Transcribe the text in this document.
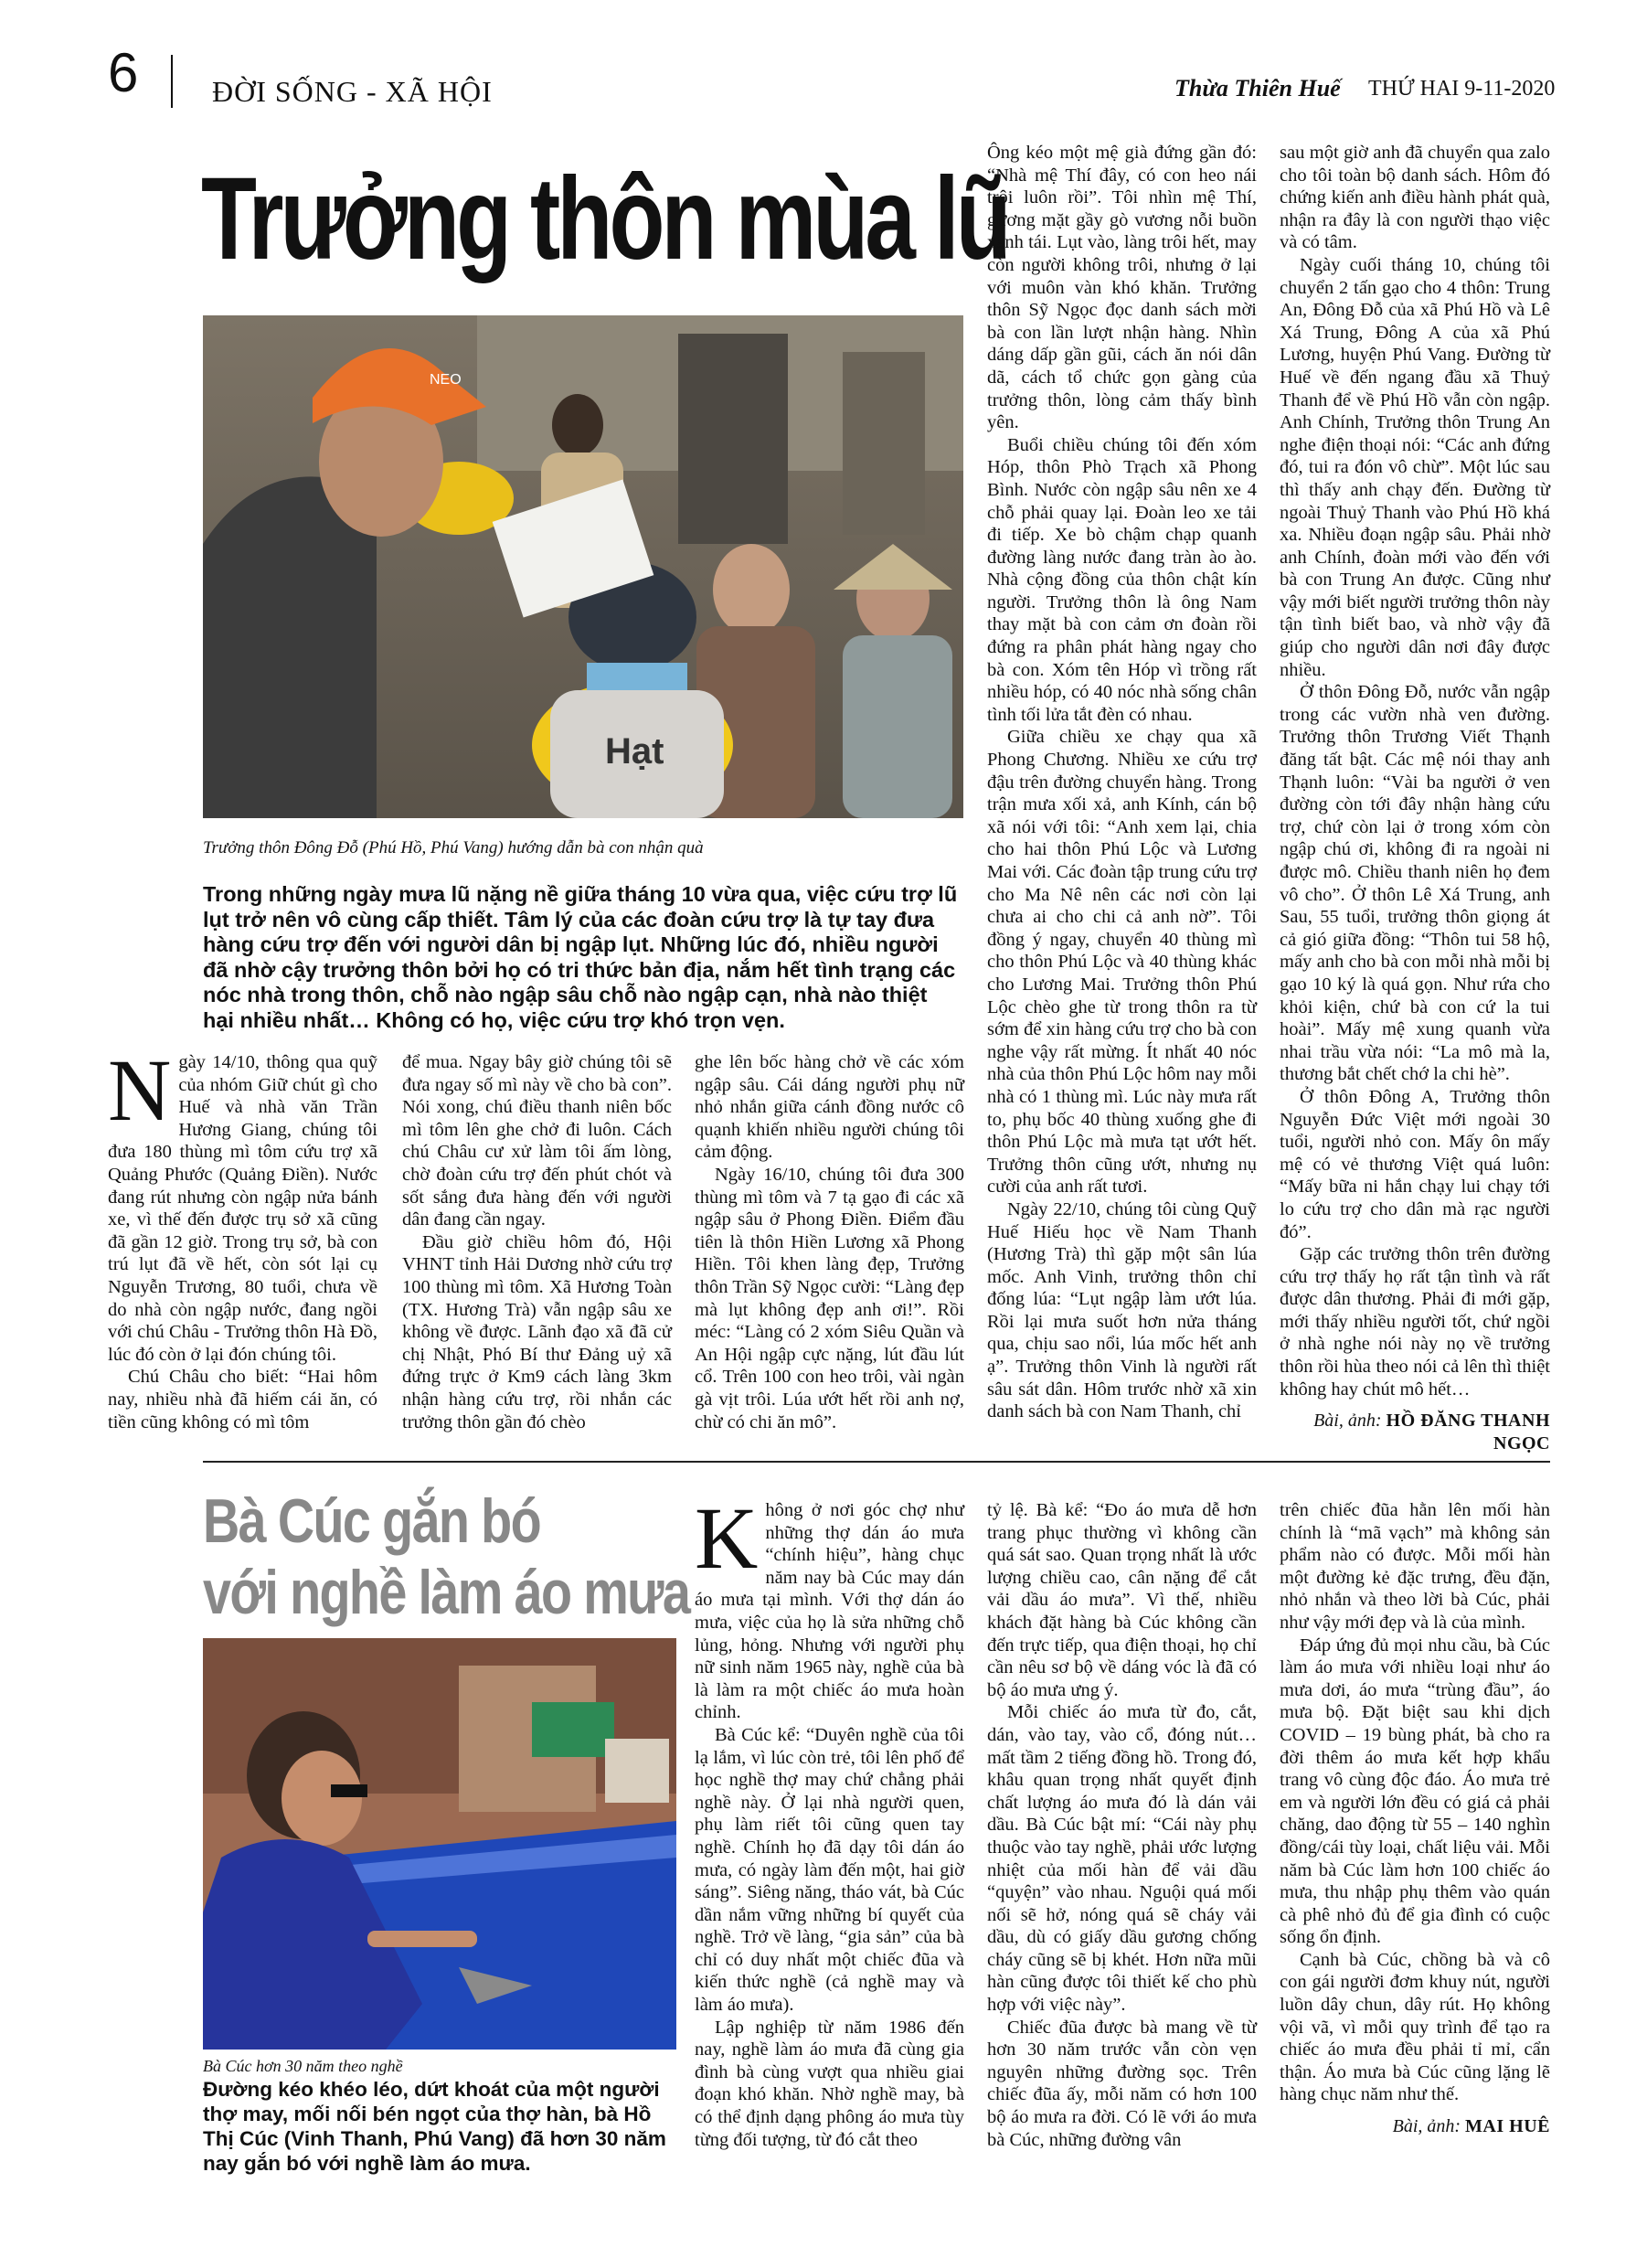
6	ĐỜI SỐNG - XÃ HỘI	Thừa Thiên Huế THỨ HAI 9-11-2020
Trưởng thôn mùa lũ
NEO
Hạt
Trưởng thôn Đông Đỗ (Phú Hồ, Phú Vang) hướng dẫn bà con nhận quà
Trong những ngày mưa lũ nặng nề giữa tháng 10 vừa qua, việc cứu trợ lũ lụt trở nên vô cùng cấp thiết. Tâm lý của các đoàn cứu trợ là tự tay đưa hàng cứu trợ đến với người dân bị ngập lụt. Những lúc đó, nhiều người đã nhờ cậy trưởng thôn bởi họ có tri thức bản địa, nắm hết tình trạng các nóc nhà trong thôn, chỗ nào ngập sâu chỗ nào ngập cạn, nhà nào thiệt hại nhiều nhất… Không có họ, việc cứu trợ khó trọn vẹn.
N gày 14/10, thông qua quỹ của nhóm Giữ chút gì cho Huế và nhà văn Trần Hương Giang, chúng tôi đưa 180 thùng mì tôm cứu trợ xã Quảng Phước (Quảng Điền). Nước đang rút nhưng còn ngập nửa bánh xe, vì thế đến được trụ sở xã cũng đã gần 12 giờ. Trong trụ sở, bà con trú lụt đã về hết, còn sót lại cụ Nguyễn Trương, 80 tuổi, chưa về do nhà còn ngập nước, đang ngồi với chú Châu - Trưởng thôn Hà Đồ, lúc đó còn ở lại đón chúng tôi.

Chú Châu cho biết: “Hai hôm nay, nhiều nhà đã hiếm cái ăn, có tiền cũng không có mì tôm

để mua. Ngay bây giờ chúng tôi sẽ đưa ngay số mì này về cho bà con”. Nói xong, chú điều thanh niên bốc mì tôm lên ghe chở đi luôn. Cách chú Châu cư xử làm tôi ấm lòng, chờ đoàn cứu trợ đến phút chót và sốt sắng đưa hàng đến với người dân đang cần ngay.

Đầu giờ chiều hôm đó, Hội VHNT tỉnh Hải Dương nhờ cứu trợ 100 thùng mì tôm. Xã Hương Toàn (TX. Hương Trà) vẫn ngập sâu xe không về được. Lãnh đạo xã đã cử chị Nhật, Phó Bí thư Đảng uỷ xã đứng trực ở Km9 cách làng 3km nhận hàng cứu trợ, rồi nhắn các trưởng thôn gần đó chèo

ghe lên bốc hàng chở về các xóm ngập sâu. Cái dáng người phụ nữ nhỏ nhắn giữa cánh đồng nước cô quạnh khiến nhiều người chúng tôi cảm động.

Ngày 16/10, chúng tôi đưa 300 thùng mì tôm và 7 tạ gạo đi các xã ngập sâu ở Phong Điền. Điểm đầu tiên là thôn Hiền Lương xã Phong Hiền. Tôi khen làng đẹp, Trưởng thôn Trần Sỹ Ngọc cười: “Làng đẹp mà lụt không đẹp anh ơi!”. Rồi méc: “Làng có 2 xóm Siêu Quần và An Hội ngập cực nặng, lút đầu lút cổ. Trên 100 con heo trôi, vài ngàn gà vịt trôi. Lúa ướt hết rồi anh nợ, chừ có chi ăn mô”.

Ông kéo một mệ già đứng gần đó: “Nhà mệ Thí đây, có con heo nái trôi luôn rồi”. Tôi nhìn mệ Thí, gương mặt gầy gò vương nỗi buồn xanh tái. Lụt vào, làng trôi hết, may còn người không trôi, nhưng ở lại với muôn vàn khó khăn. Trưởng thôn Sỹ Ngọc đọc danh sách mời bà con lần lượt nhận hàng. Nhìn dáng dấp gần gũi, cách ăn nói dân dã, cách tổ chức gọn gàng của trưởng thôn, lòng cảm thấy bình yên.

Buổi chiều chúng tôi đến xóm Hóp, thôn Phò Trạch xã Phong Bình. Nước còn ngập sâu nên xe 4 chỗ phải quay lại. Đoàn leo xe tải đi tiếp. Xe bò chậm chạp quanh đường làng nước đang tràn ào ào. Nhà cộng đồng của thôn chật kín người. Trưởng thôn là ông Nam thay mặt bà con cảm ơn đoàn rồi đứng ra phân phát hàng ngay cho bà con. Xóm tên Hóp vì trồng rất nhiều hóp, có 40 nóc nhà sống chân tình tối lửa tắt đèn có nhau.

Giữa chiều xe chạy qua xã Phong Chương. Nhiều xe cứu trợ đậu trên đường chuyển hàng. Trong trận mưa xối xả, anh Kính, cán bộ xã nói với tôi: “Anh xem lại, chia cho hai thôn Phú Lộc và Lương Mai với. Các đoàn tập trung cứu trợ cho Ma Nê nên các nơi còn lại chưa ai cho chi cả anh nờ”. Tôi đồng ý ngay, chuyển 40 thùng mì cho thôn Phú Lộc và 40 thùng khác cho Lương Mai. Trưởng thôn Phú Lộc chèo ghe từ trong thôn ra từ sớm để xin hàng cứu trợ cho bà con nghe vậy rất mừng. Ít nhất 40 nóc nhà của thôn Phú Lộc hôm nay mỗi nhà có 1 thùng mì. Lúc này mưa rất to, phụ bốc 40 thùng xuống ghe đi thôn Phú Lộc mà mưa tạt ướt hết. Trưởng thôn cũng ướt, nhưng nụ cười của anh rất tươi.

Ngày 22/10, chúng tôi cùng Quỹ Huế Hiếu học về Nam Thanh (Hương Trà) thì gặp một sân lúa mốc. Anh Vinh, trưởng thôn chỉ đống lúa: “Lụt ngập làm ướt lúa. Rồi lại mưa suốt hơn nửa tháng qua, chịu sao nổi, lúa mốc hết anh ạ”. Trưởng thôn Vinh là người rất sâu sát dân. Hôm trước nhờ xã xin danh sách bà con Nam Thanh, chỉ

sau một giờ anh đã chuyển qua zalo cho tôi toàn bộ danh sách. Hôm đó chứng kiến anh điều hành phát quà, nhận ra đây là con người thạo việc và có tâm.

Ngày cuối tháng 10, chúng tôi chuyển 2 tấn gạo cho 4 thôn: Trung An, Đông Đỗ của xã Phú Hồ và Lê Xá Trung, Đông A của xã Phú Lương, huyện Phú Vang. Đường từ Huế về đến ngang đầu xã Thuỷ Thanh để về Phú Hồ vẫn còn ngập. Anh Chính, Trưởng thôn Trung An nghe điện thoại nói: “Các anh đứng đó, tui ra đón vô chừ”. Một lúc sau thì thấy anh chạy đến. Đường từ ngoài Thuỷ Thanh vào Phú Hồ khá xa. Nhiều đoạn ngập sâu. Phải nhờ anh Chính, đoàn mới vào đến với bà con Trung An được. Cũng như vậy mới biết người trưởng thôn này tận tình biết bao, và nhờ vậy đã giúp cho người dân nơi đây được nhiều.

Ở thôn Đông Đỗ, nước vẫn ngập trong các vườn nhà ven đường. Trưởng thôn Trương Viết Thạnh đăng tất bật. Các mệ nói thay anh Thạnh luôn: “Vài ba người ở ven đường còn tới đây nhận hàng cứu trợ, chứ còn lại ở trong xóm còn ngập chú ơi, không đi ra ngoài ni được mô. Chiều thanh niên họ đem vô cho”. Ở thôn Lê Xá Trung, anh Sau, 55 tuổi, trưởng thôn giọng át cả gió giữa đồng: “Thôn tui 58 hộ, mấy anh cho bà con mỗi nhà mỗi bị gạo 10 ký là quá gọn. Như rứa cho khỏi kiện, chứ bà con cứ la tui hoài”. Mấy mệ xung quanh vừa nhai trầu vừa nói: “La mô mà la, thương bắt chết chớ la chi hè”.

Ở thôn Đông A, Trưởng thôn Nguyễn Đức Việt mới ngoài 30 tuổi, người nhỏ con. Mấy ôn mấy mệ có vẻ thương Việt quá luôn: “Mấy bữa ni hắn chạy lui chạy tới lo cứu trợ cho dân mà rạc người đó”.

Gặp các trưởng thôn trên đường cứu trợ thấy họ rất tận tình và rất được dân thương. Phải đi mới gặp, mới thấy nhiều người tốt, chứ ngồi ở nhà nghe nói này nọ về trưởng thôn rồi hùa theo nói cả lên thì thiệt không hay chút mô hết…

Bài, ảnh: HỒ ĐĂNG THANH NGỌC
Bà Cúc gắn bó
với nghề làm áo mưa
Bà Cúc hơn 30 năm theo nghề
Đường kéo khéo léo, dứt khoát của một người thợ may, mối nối bén ngọt của thợ hàn, bà Hồ Thị Cúc (Vinh Thanh, Phú Vang) đã hơn 30 năm nay gắn bó với nghề làm áo mưa.
K hông ở nơi góc chợ như những thợ dán áo mưa “chính hiệu”, hàng chục năm nay bà Cúc may dán áo mưa tại mình. Với thợ dán áo mưa, việc của họ là sửa những chỗ lủng, hỏng. Nhưng với người phụ nữ sinh năm 1965 này, nghề của bà là làm ra một chiếc áo mưa hoàn chỉnh.

Bà Cúc kể: “Duyên nghề của tôi lạ lắm, vì lúc còn trẻ, tôi lên phố để học nghề thợ may chứ chẳng phải nghề này. Ở lại nhà người quen, phụ làm riết tôi cũng quen tay nghề. Chính họ đã dạy tôi dán áo mưa, có ngày làm đến một, hai giờ sáng”. Siêng năng, tháo vát, bà Cúc dần nắm vững những bí quyết của nghề. Trở về làng, “gia sản” của bà chỉ có duy nhất một chiếc đũa và kiến thức nghề (cả nghề may và làm áo mưa).

Lập nghiệp từ năm 1986 đến nay, nghề làm áo mưa đã cùng gia đình bà cùng vượt qua nhiều giai đoạn khó khăn. Nhờ nghề may, bà có thể định dạng phông áo mưa tùy từng đối tượng, từ đó cắt theo

tỷ lệ. Bà kể: “Đo áo mưa dễ hơn trang phục thường vì không cần quá sát sao. Quan trọng nhất là ước lượng chiều cao, cân nặng để cắt vải dầu áo mưa”. Vì thế, nhiều khách đặt hàng bà Cúc không cần đến trực tiếp, qua điện thoại, họ chỉ cần nêu sơ bộ về dáng vóc là đã có bộ áo mưa ưng ý.

Mỗi chiếc áo mưa từ đo, cắt, dán, vào tay, vào cổ, đóng nút… mất tầm 2 tiếng đồng hồ. Trong đó, khâu quan trọng nhất quyết định chất lượng áo mưa đó là dán vải dầu. Bà Cúc bật mí: “Cái này phụ thuộc vào tay nghề, phải ước lượng nhiệt của mối hàn để vải dầu “quyện” vào nhau. Nguội quá mối nối sẽ hở, nóng quá sẽ cháy vải dầu, dù có giấy dầu gương chống cháy cũng sẽ bị khét. Hơn nữa mũi hàn cũng được tôi thiết kế cho phù hợp với việc này”.

Chiếc đũa được bà mang về từ hơn 30 năm trước vẫn còn vẹn nguyên những đường sọc. Trên chiếc đũa ấy, mỗi năm có hơn 100 bộ áo mưa ra đời. Có lẽ với áo mưa bà Cúc, những đường vân

trên chiếc đũa hằn lên mối hàn chính là “mã vạch” mà không sản phẩm nào có được. Mỗi mối hàn một đường kẻ đặc trưng, đều đặn, nhỏ nhắn và theo lời bà Cúc, phải như vậy mới đẹp và là của mình.

Đáp ứng đủ mọi nhu cầu, bà Cúc làm áo mưa với nhiều loại như áo mưa dơi, áo mưa “trùng đầu”, áo mưa bộ. Đặt biệt sau khi dịch COVID – 19 bùng phát, bà cho ra đời thêm áo mưa kết hợp khẩu trang vô cùng độc đáo. Áo mưa trẻ em và người lớn đều có giá cả phải chăng, dao động từ 55 – 140 nghìn đồng/cái tùy loại, chất liệu vải. Mỗi năm bà Cúc làm hơn 100 chiếc áo mưa, thu nhập phụ thêm vào quán cà phê nhỏ đủ để gia đình có cuộc sống ổn định.

Cạnh bà Cúc, chồng bà và cô con gái người đơm khuy nút, người luồn dây chun, dây rút. Họ không vội vã, vì mỗi quy trình để tạo ra chiếc áo mưa đều phải tỉ mỉ, cẩn thận. Áo mưa bà Cúc cũng lặng lẽ hàng chục năm như thế.

Bài, ảnh: MAI HUÊ
